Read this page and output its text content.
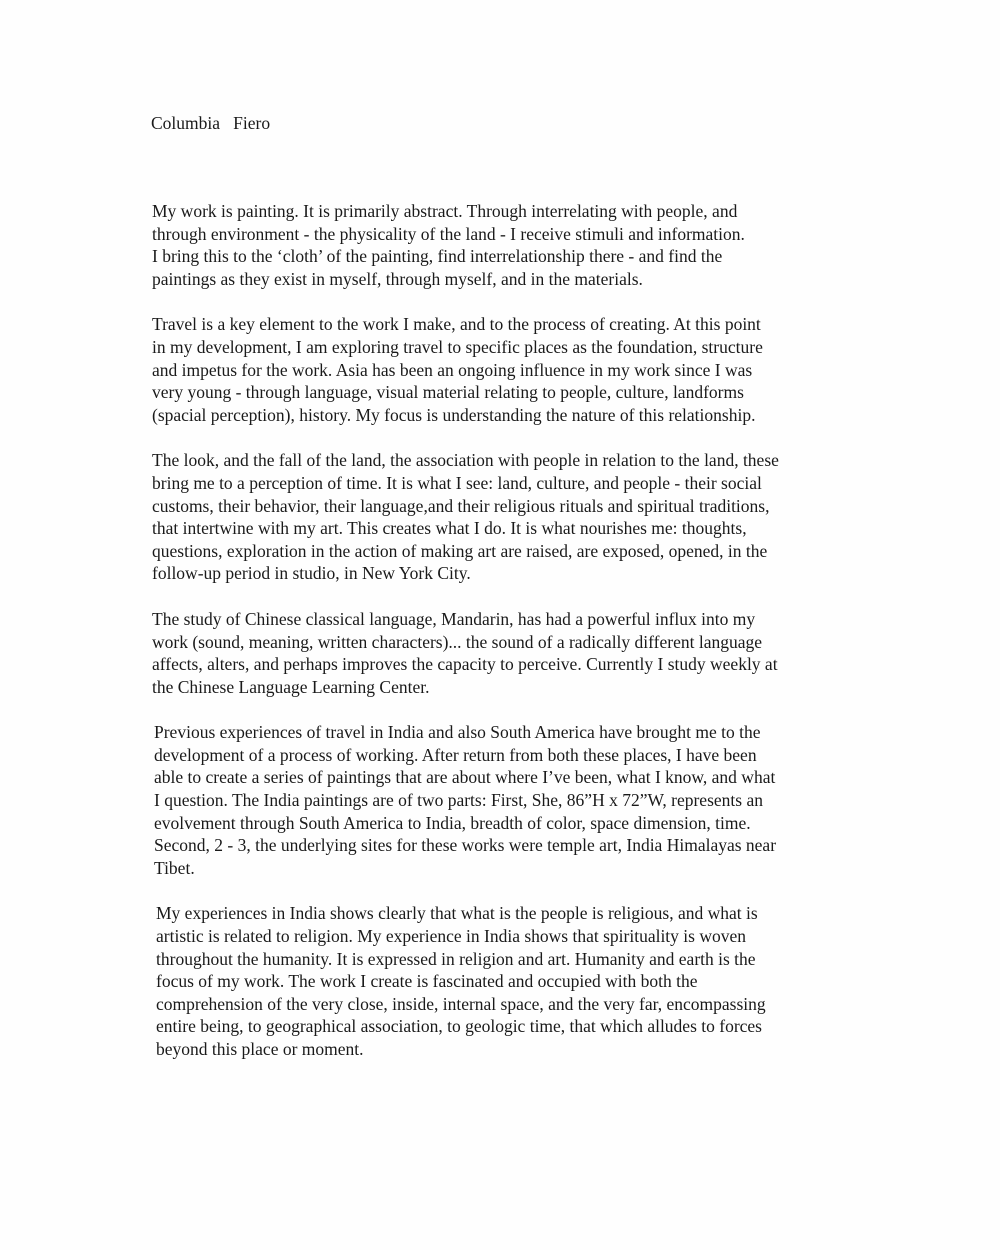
Columbia   Fiero
My work is painting. It is primarily abstract. Through interrelating with people, and
through environment - the physicality of the land - I receive stimuli and information.
I bring this to the ‘cloth’ of the painting, find interrelationship there - and find the
paintings as they exist in myself, through myself, and in the materials.
Travel is a key element to the work I make, and to the process of creating. At this point
in my development, I am exploring travel to specific places as the foundation, structure
and impetus for the work. Asia has been an ongoing influence in my work since I was
very young - through language, visual material relating to people, culture, landforms
(spacial perception), history. My focus is understanding the nature of this relationship.
The look, and the fall of the land, the association with people in relation to the land, these
bring me to a perception of time. It is what I see: land, culture, and people - their social
customs, their behavior, their language,and their religious rituals and spiritual traditions,
that intertwine with my art. This creates what I do. It is what nourishes me: thoughts,
questions, exploration in the action of making art are raised, are exposed, opened, in the
follow-up period in studio, in New York City.
The study of Chinese classical language, Mandarin, has had a powerful influx into my
work (sound, meaning, written characters)... the sound of a radically different language
affects, alters, and perhaps improves the capacity to perceive. Currently I study weekly at
the Chinese Language Learning Center.
Previous experiences of travel in India and also South America have brought me to the
development of a process of working. After return from both these places, I have been
able to create a series of paintings that are about where I’ve been, what I know, and what
I question. The India paintings are of two parts: First, She, 86”H x 72”W, represents an
evolvement through South America to India, breadth of color, space dimension, time.
Second, 2 - 3, the underlying sites for these works were temple art, India Himalayas near
Tibet.
My experiences in India shows clearly that what is the people is religious, and what is
artistic is related to religion. My experience in India shows that spirituality is woven
throughout the humanity. It is expressed in religion and art. Humanity and earth is the
focus of my work. The work I create is fascinated and occupied with both the
comprehension of the very close, inside, internal space, and the very far, encompassing
entire being, to geographical association, to geologic time, that which alludes to forces
beyond this place or moment.
